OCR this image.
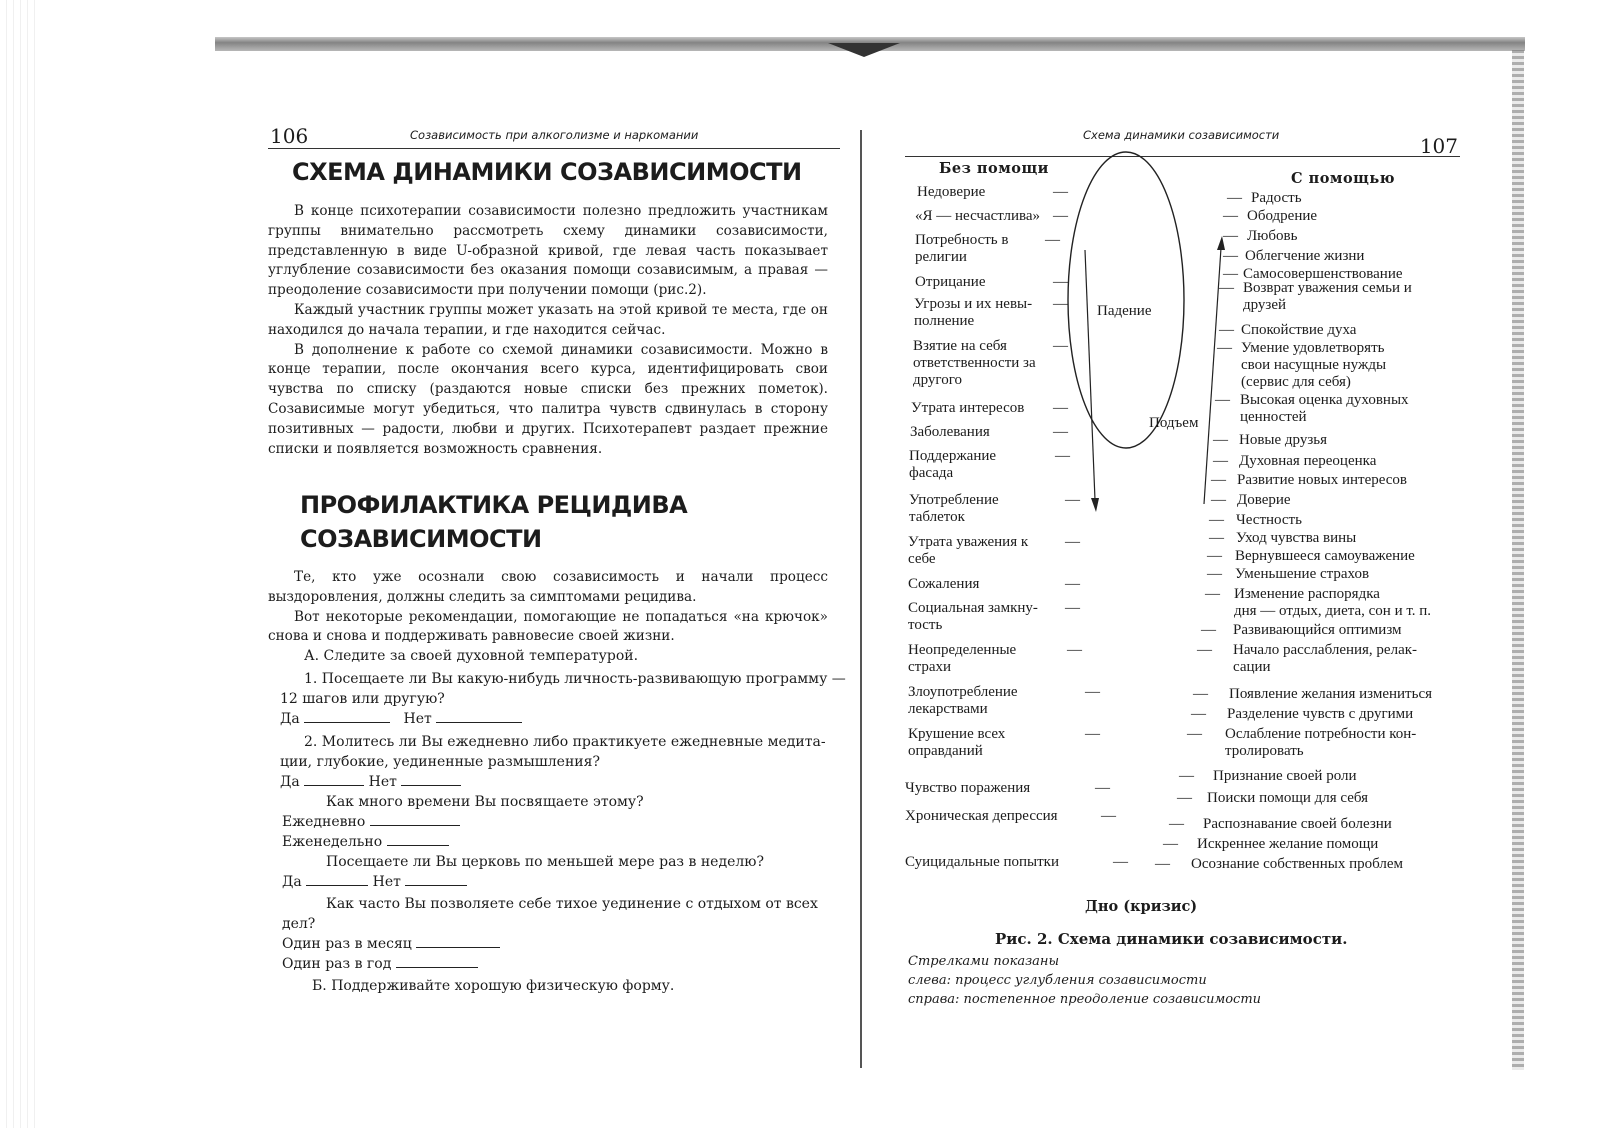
106	Созависимость при алкоголизме и наркомании
СХЕМА ДИНАМИКИ СОЗАВИСИМОСТИ

В конце психотерапии созависимости полезно предложить участникам группы внимательно рассмотреть схему динамики созависимости, представленную в виде U-образной кривой, где левая часть показывает углубление созависимости без оказания помощи созависимым, а правая — преодоление созависимости при получении помощи (рис.2).

Каждый участник группы может указать на этой кривой те места, где он находился до начала терапии, и где находится сейчас.

В дополнение к работе со схемой динамики созависимости. Можно в конце терапии, после окончания всего курса, идентифицировать свои чувства по списку (раздаются новые списки без прежних пометок). Созависимые могут убедиться, что палитра чувств сдвинулась в сторону позитивных — радости, любви и других. Психотерапевт раздает прежние списки и появляется возможность сравнения.

ПРОФИЛАКТИКА РЕЦИДИВА
СОЗАВИСИМОСТИ

Те, кто уже осознали свою созависимость и начали процесс выздоровления, должны следить за симптомами рецидива.

Вот некоторые рекомендации, помогающие не попадаться «на крючок» снова и снова и поддерживать равновесие своей жизни.

А. Следите за своей духовной температурой.
1. Посещаете ли Вы какую-нибудь личность-развивающую программу —
12 шагов или другую?
Да	Нет
2. Молитесь ли Вы ежедневно либо практикуете ежедневные медита-
ции, глубокие, уединенные размышления?
Да	Нет
Как много времени Вы посвящаете этому?
Ежедневно
Еженедельно
Посещаете ли Вы церковь по меньшей мере раз в неделю?
Да	Нет
Как часто Вы позволяете себе тихое уединение с отдыхом от всех
дел?
Один раз в месяц
Один раз в год
Б. Поддерживайте хорошую физическую форму.
Схема динамики созависимости	107
Без помощи
С помощью
Падение
Подъем
Дно (кризис)
Рис. 2. Схема динамики созависимости.
Стрелками показаны
слева: процесс углубления созависимости
справа: постепенное преодоление созависимости
Недоверие	—
«Я — несчастлива» —
Потребность в
религии
—
Отрицание	—
Угрозы и их невы-
полнение
—
Взятие на себя
ответственности за
другого
—
Утрата интересов —
Заболевания	—
Поддержание
фасада
—
Употребление
таблеток
—
Утрата уважения к
себе
—
Сожаления	—
Социальная замкну-
тость
—
Неопределенные
страхи
—
Злоупотребление
лекарствами
—
Крушение всех
оправданий
—
Чувство поражения	—
Хроническая депрессия	—
Суицидальные попытки	—
Радость
—
Ободрение
—
Любовь
—
Облегчение жизни
—
Самосовершенствование
—
Возврат уважения семьи и
друзей
—
Спокойствие духа
—
Умение удовлетворять
свои насущные нужды
(сервис для себя)
—
Высокая оценка духовных
ценностей
—
Новые друзья
—
Духовная переоценка
—
Развитие новых интересов
—
Доверие
—
Честность
—
Уход чувства вины
—
Вернувшееся самоуважение
—
Уменьшение страхов
—
Изменение распорядка
дня — отдых, диета, сон и т. п.
—
Развивающийся оптимизм
—
Начало расслабления, релак-
сации
—
Появление желания измениться
—
Разделение чувств с другими
—
Ослабление потребности кон-
тролировать
—
Признание своей роли
—
Поиски помощи для себя
—
Распознавание своей болезни
—
Искреннее желание помощи
—
Осознание собственных проблем
—
